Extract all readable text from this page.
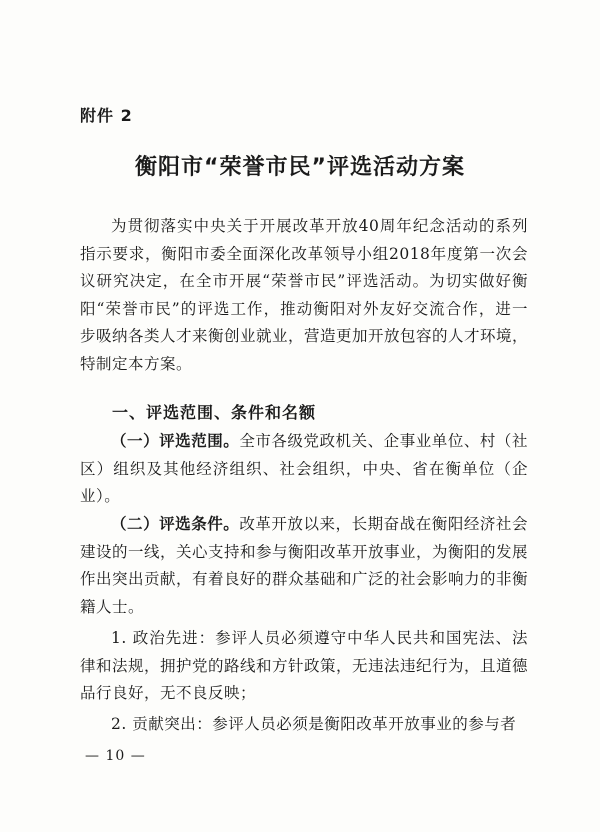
附件 2
衡阳市“荣誉市民”评选活动方案
为贯彻落实中央关于开展改革开放40周年纪念活动的系列指示要求，衡阳市委全面深化改革领导小组2018年度第一次会议研究决定，在全市开展“荣誉市民”评选活动。为切实做好衡阳“荣誉市民”的评选工作，推动衡阳对外友好交流合作，进一步吸纳各类人才来衡创业就业，营造更加开放包容的人才环境，特制定本方案。
一、评选范围、条件和名额
（一）评选范围。全市各级党政机关、企事业单位、村（社区）组织及其他经济组织、社会组织，中央、省在衡单位（企业）。
（二）评选条件。改革开放以来，长期奋战在衡阳经济社会建设的一线，关心支持和参与衡阳改革开放事业，为衡阳的发展作出突出贡献，有着良好的群众基础和广泛的社会影响力的非衡籍人士。
1. 政治先进：参评人员必须遵守中华人民共和国宪法、法律和法规，拥护党的路线和方针政策，无违法违纪行为，且道德品行良好，无不良反映；
2. 贡献突出：参评人员必须是衡阳改革开放事业的参与者
— 10 —
